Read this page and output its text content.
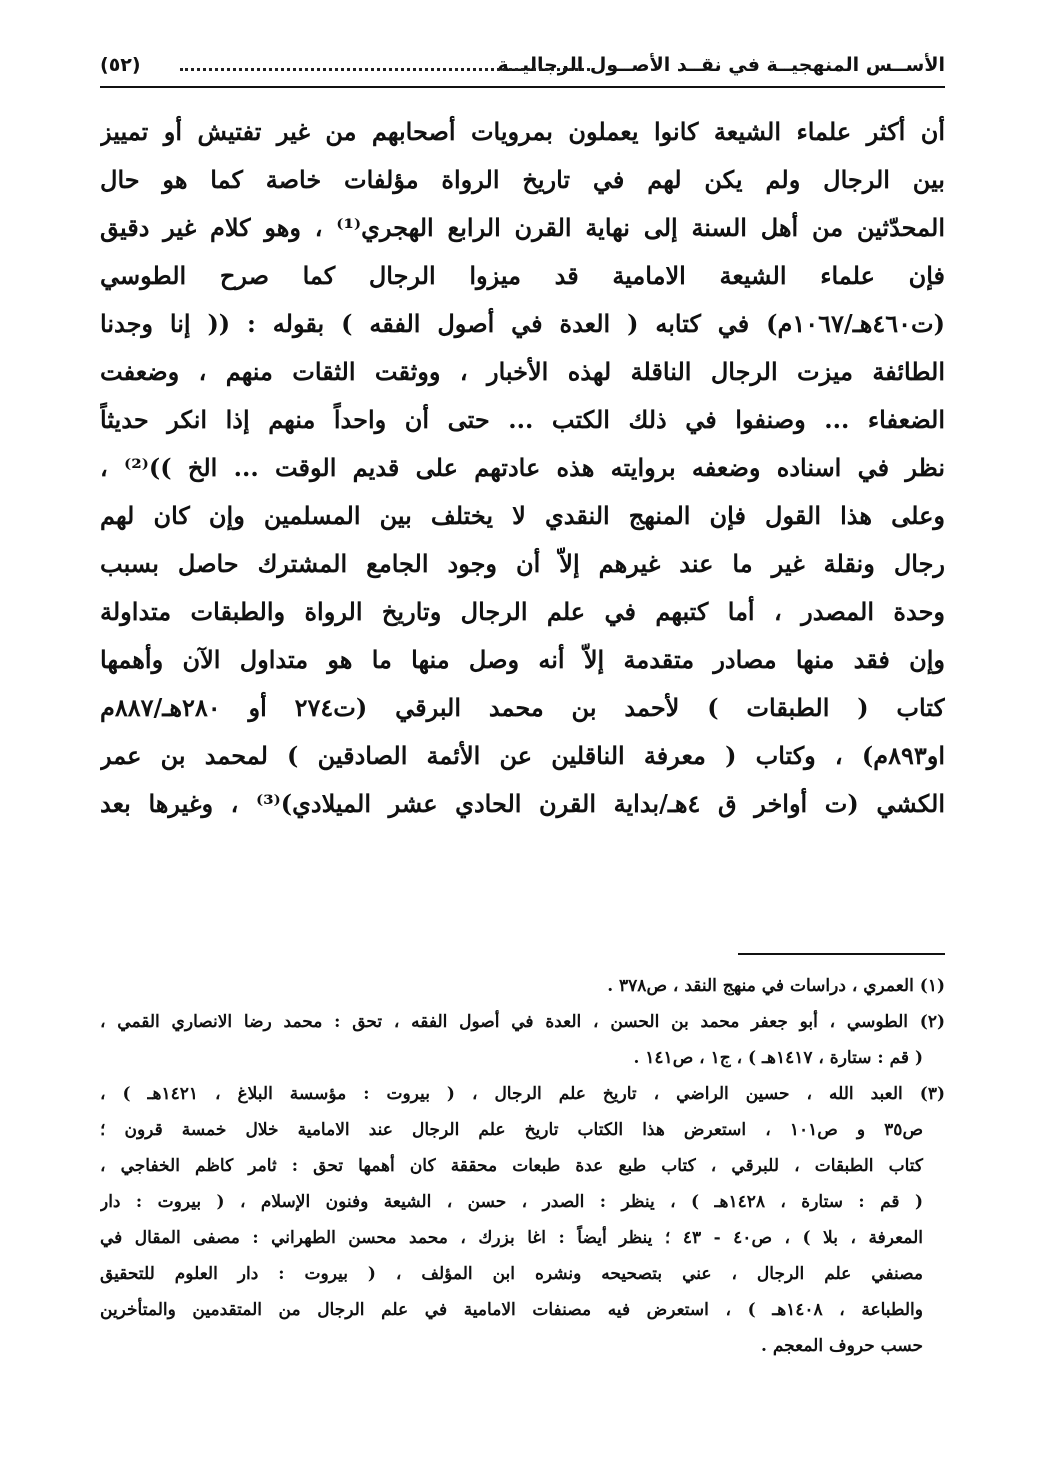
الأســس المنهجيــة في نقــد الأصــول الرجاليــة
(٥٢)
أن أكثر علماء الشيعة كانوا يعملون بمرويات أصحابهم من غير تفتيش أو تمييز
بين الرجال ولم يكن لهم في تاريخ الرواة مؤلفات خاصة كما هو حال
المحدّثين من أهل السنة إلى نهاية القرن الرابع الهجري⁽¹⁾ ، وهو كلام غير دقيق
فإن علماء الشيعة الامامية قد ميزوا الرجال كما صرح الطوسي
(ت٤٦٠هـ/١٠٦٧م) في كتابه ( العدة في أصول الفقه ) بقوله : (( إنا وجدنا
الطائفة ميزت الرجال الناقلة لهذه الأخبار ، ووثقت الثقات منهم ، وضعفت
الضعفاء ... وصنفوا في ذلك الكتب ... حتى أن واحداً منهم إذا انكر حديثاً
نظر في اسناده وضعفه بروايته هذه عادتهم على قديم الوقت ... الخ ))⁽²⁾ ،
وعلى هذا القول فإن المنهج النقدي لا يختلف بين المسلمين وإن كان لهم
رجال ونقلة غير ما عند غيرهم إلاّ أن وجود الجامع المشترك حاصل بسبب
وحدة المصدر ، أما كتبهم في علم الرجال وتاريخ الرواة والطبقات متداولة
وإن فقد منها مصادر متقدمة إلاّ أنه وصل منها ما هو متداول الآن وأهمها
كتاب ( الطبقات ) لأحمد بن محمد البرقي (ت٢٧٤ أو ٢٨٠هـ/٨٨٧م
او٨٩٣م) ، وكتاب ( معرفة الناقلين عن الأئمة الصادقين ) لمحمد بن عمر
الكشي (ت أواخر ق ٤هـ/بداية القرن الحادي عشر الميلادي)⁽³⁾ ، وغيرها بعد
(١) العمري ، دراسات في منهج النقد ، ص٣٧٨ .
(٢) الطوسي ، أبو جعفر محمد بن الحسن ، العدة في أصول الفقه ، تحق : محمد رضا الانصاري القمي ،
( قم : ستارة ، ١٤١٧هـ ) ، ج١ ، ص١٤١ .
(٣) العبد الله ، حسين الراضي ، تاريخ علم الرجال ، ( بيروت : مؤسسة البلاغ ، ١٤٢١هـ ) ،
ص٣٥ و ص١٠١ ، استعرض هذا الكتاب تاريخ علم الرجال عند الامامية خلال خمسة قرون ؛
كتاب الطبقات ، للبرقي ، كتاب طبع عدة طبعات محققة كان أهمها تحق : ثامر كاظم الخفاجي ،
( قم : ستارة ، ١٤٢٨هـ ) ، ينظر : الصدر ، حسن ، الشيعة وفنون الإسلام ، ( بيروت : دار
المعرفة ، بلا ) ، ص٤٠ - ٤٣ ؛ ينظر أيضاً : اغا بزرك ، محمد محسن الطهراني : مصفى المقال في
مصنفي علم الرجال ، عني بتصحيحه ونشره ابن المؤلف ، ( بيروت : دار العلوم للتحقيق
والطباعة ، ١٤٠٨هـ ) ، استعرض فيه مصنفات الامامية في علم الرجال من المتقدمين والمتأخرين
حسب حروف المعجم .
